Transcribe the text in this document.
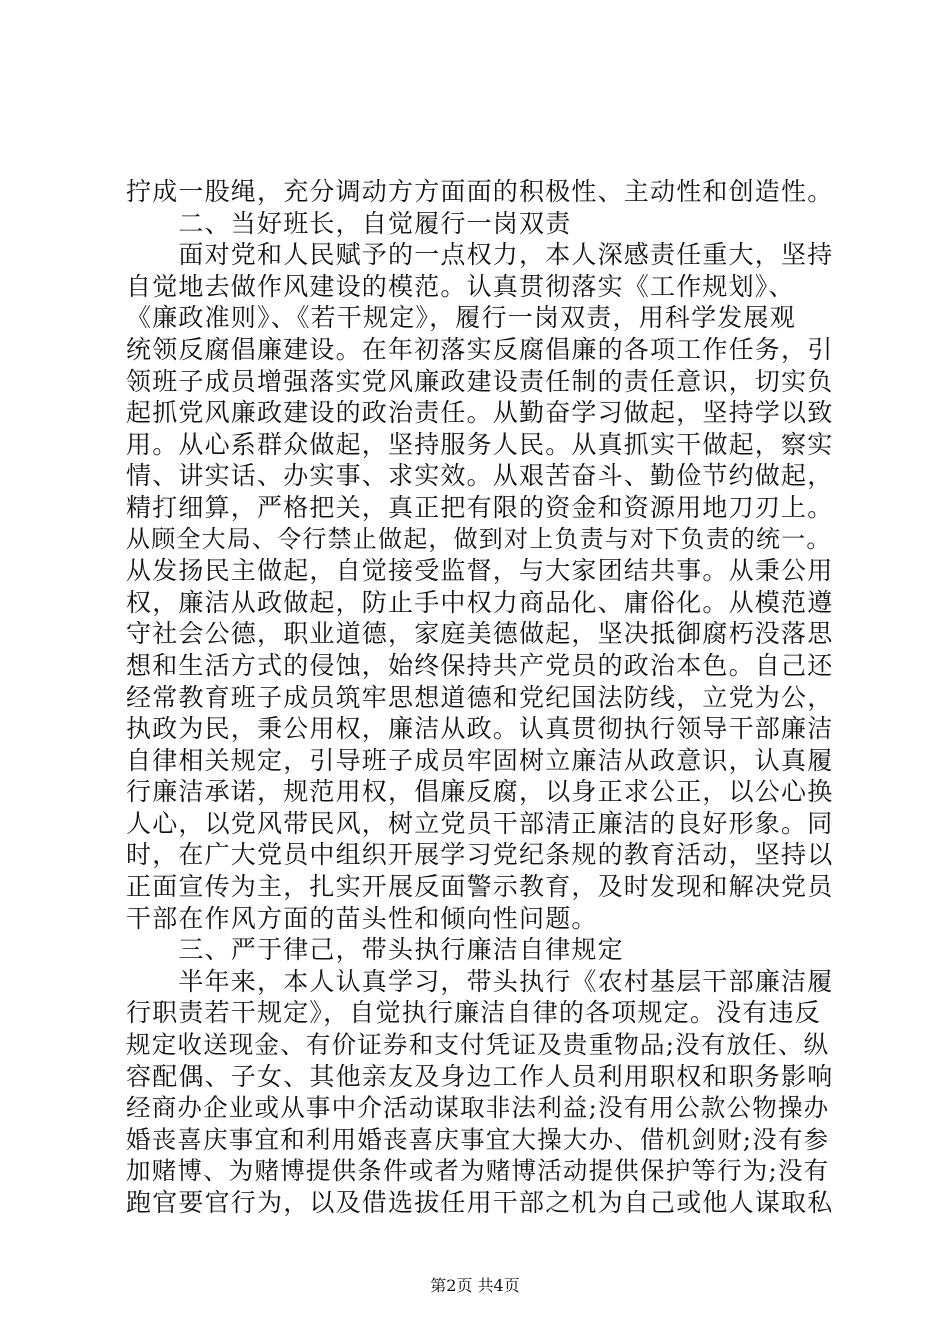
拧成一股绳，充分调动方方面面的积极性、主动性和创造性。
　　二、当好班长，自觉履行一岗双责
　　面对党和人民赋予的一点权力，本人深感责任重大，坚持
自觉地去做作风建设的模范。认真贯彻落实《工作规划》、
《廉政准则》、《若干规定》，履行一岗双责，用科学发展观
统领反腐倡廉建设。在年初落实反腐倡廉的各项工作任务，引
领班子成员增强落实党风廉政建设责任制的责任意识，切实负
起抓党风廉政建设的政治责任。从勤奋学习做起，坚持学以致
用。从心系群众做起，坚持服务人民。从真抓实干做起，察实
情、讲实话、办实事、求实效。从艰苦奋斗、勤俭节约做起，
精打细算，严格把关，真正把有限的资金和资源用地刀刃上。
从顾全大局、令行禁止做起，做到对上负责与对下负责的统一。
从发扬民主做起，自觉接受监督，与大家团结共事。从秉公用
权，廉洁从政做起，防止手中权力商品化、庸俗化。从模范遵
守社会公德，职业道德，家庭美德做起，坚决抵御腐朽没落思
想和生活方式的侵蚀，始终保持共产党员的政治本色。自己还
经常教育班子成员筑牢思想道德和党纪国法防线，立党为公，
执政为民，秉公用权，廉洁从政。认真贯彻执行领导干部廉洁
自律相关规定，引导班子成员牢固树立廉洁从政意识，认真履
行廉洁承诺，规范用权，倡廉反腐，以身正求公正，以公心换
人心，以党风带民风，树立党员干部清正廉洁的良好形象。同
时，在广大党员中组织开展学习党纪条规的教育活动，坚持以
正面宣传为主，扎实开展反面警示教育，及时发现和解决党员
干部在作风方面的苗头性和倾向性问题。
　　三、严于律己，带头执行廉洁自律规定
　　半年来，本人认真学习，带头执行《农村基层干部廉洁履
行职责若干规定》，自觉执行廉洁自律的各项规定。没有违反
规定收送现金、有价证券和支付凭证及贵重物品;没有放任、纵
容配偶、子女、其他亲友及身边工作人员利用职权和职务影响
经商办企业或从事中介活动谋取非法利益;没有用公款公物操办
婚丧喜庆事宜和利用婚丧喜庆事宜大操大办、借机剑财;没有参
加赌博、为赌博提供条件或者为赌博活动提供保护等行为;没有
跑官要官行为，以及借选拔任用干部之机为自己或他人谋取私
第2页 共4页
